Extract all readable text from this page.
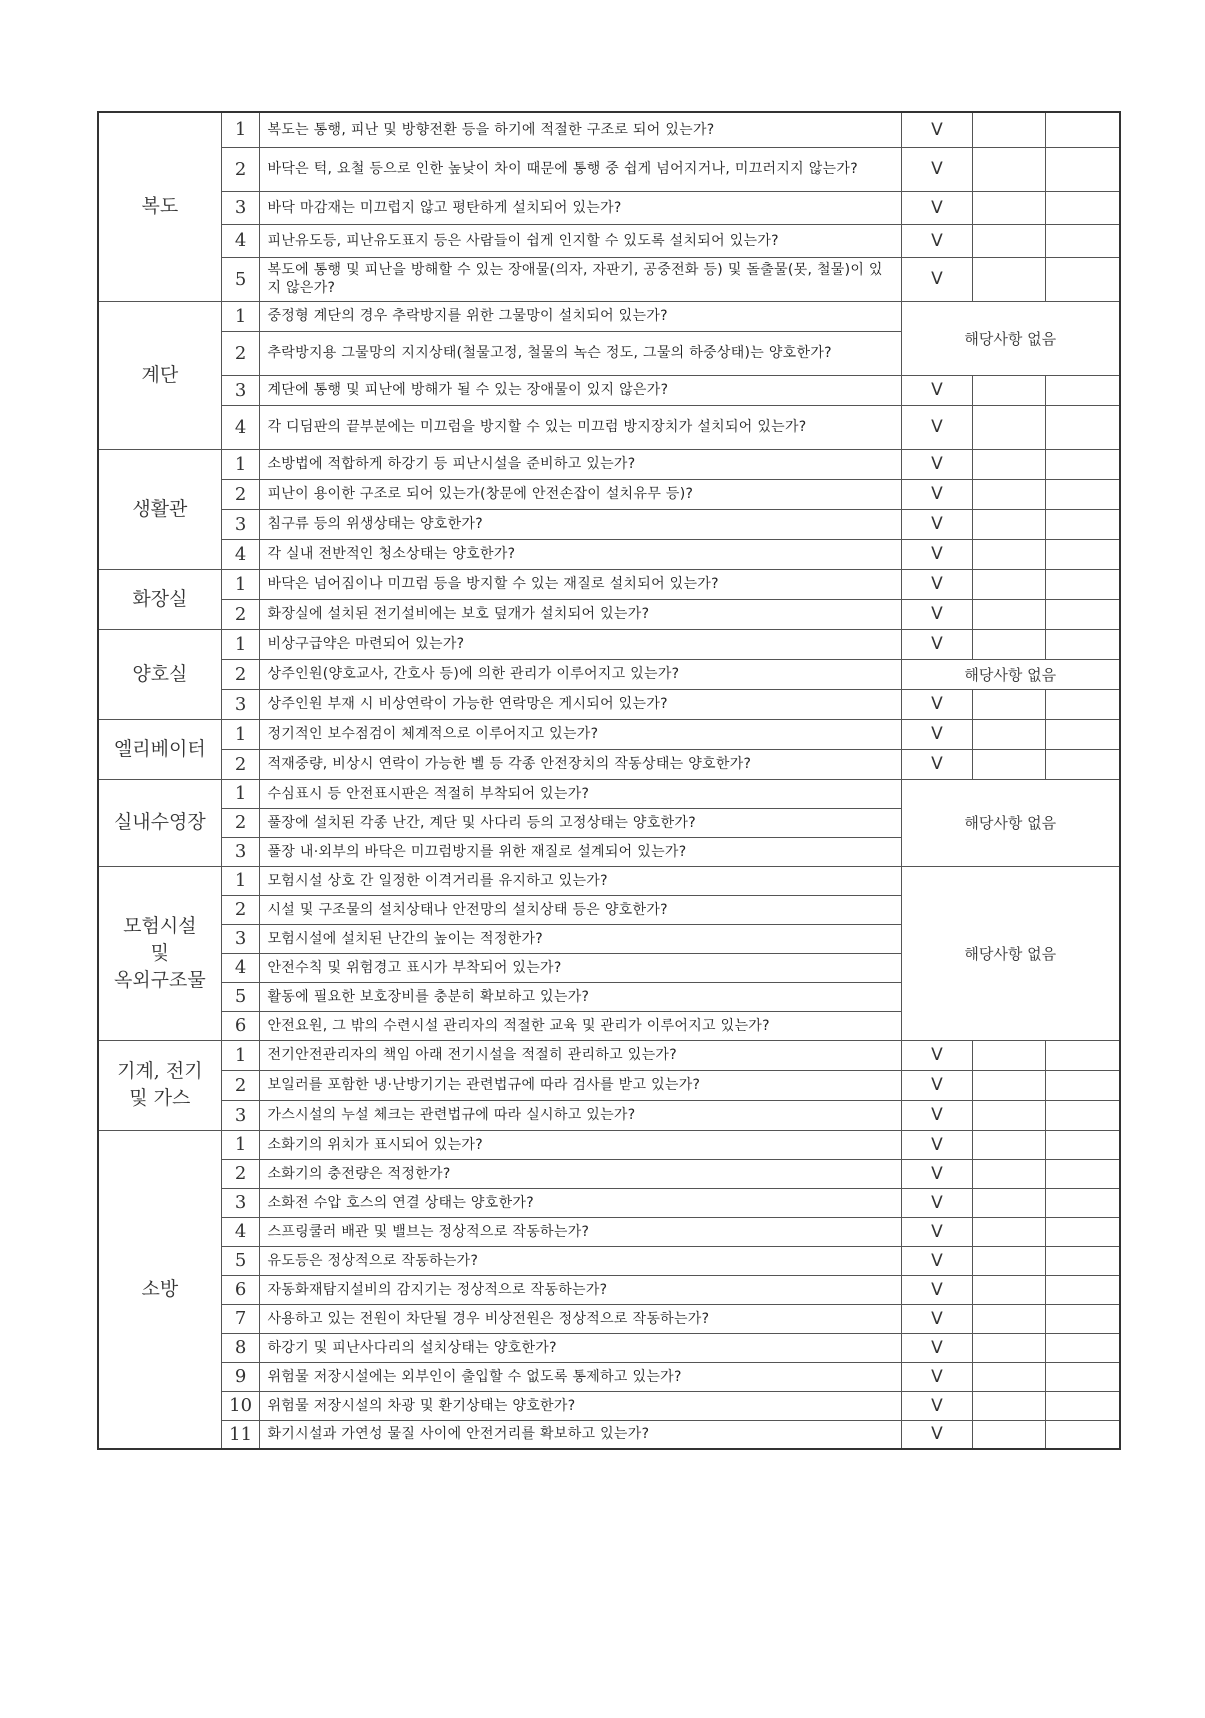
복도	1	복도는 통행, 피난 및 방향전환 등을 하기에 적절한 구조로 되어 있는가?	V		
	2	바닥은 턱, 요철 등으로 인한 높낮이 차이 때문에 통행 중 쉽게 넘어지거나, 미끄러지지 않는가?	V		
	3	바닥 마감재는 미끄럽지 않고 평탄하게 설치되어 있는가?	V		
	4	피난유도등, 피난유도표지 등은 사람들이 쉽게 인지할 수 있도록 설치되어 있는가?	V		
	5	복도에 통행 및 피난을 방해할 수 있는 장애물(의자, 자판기, 공중전화 등) 및 돌출물(못, 철물)이 있지 않은가?	V		

계단	1	중정형 계단의 경우 추락방지를 위한 그물망이 설치되어 있는가?	해당사항 없음		
	2	추락방지용 그물망의 지지상태(철물고정, 철물의 녹슨 정도, 그물의 하중상태)는 양호한가?			
	3	계단에 통행 및 피난에 방해가 될 수 있는 장애물이 있지 않은가?	V		
	4	각 디딤판의 끝부분에는 미끄럼을 방지할 수 있는 미끄럼 방지장치가 설치되어 있는가?	V		

생활관	1	소방법에 적합하게 하강기 등 피난시설을 준비하고 있는가?	V		
	2	피난이 용이한 구조로 되어 있는가(창문에 안전손잡이 설치유무 등)?	V		
	3	침구류 등의 위생상태는 양호한가?	V		
	4	각 실내 전반적인 청소상태는 양호한가?	V		

화장실	1	바닥은 넘어짐이나 미끄럼 등을 방지할 수 있는 재질로 설치되어 있는가?	V		
	2	화장실에 설치된 전기설비에는 보호 덮개가 설치되어 있는가?	V		

양호실	1	비상구급약은 마련되어 있는가?	V		
	2	상주인원(양호교사, 간호사 등)에 의한 관리가 이루어지고 있는가?	해당사항 없음		
	3	상주인원 부재 시 비상연락이 가능한 연락망은 게시되어 있는가?	V		

엘리베이터	1	정기적인 보수점검이 체계적으로 이루어지고 있는가?	V		
	2	적재중량, 비상시 연락이 가능한 벨 등 각종 안전장치의 작동상태는 양호한가?	V		

실내수영장	1	수심표시 등 안전표시판은 적절히 부착되어 있는가?	해당사항 없음		
	2	풀장에 설치된 각종 난간, 계단 및 사다리 등의 고정상태는 양호한가?			
	3	풀장 내·외부의 바닥은 미끄럼방지를 위한 재질로 설계되어 있는가?			

모험시설
및
옥외구조물	1	모험시설 상호 간 일정한 이격거리를 유지하고 있는가?	해당사항 없음		
	2	시설 및 구조물의 설치상태나 안전망의 설치상태 등은 양호한가?			
	3	모험시설에 설치된 난간의 높이는 적정한가?			
	4	안전수칙 및 위험경고 표시가 부착되어 있는가?			
	5	활동에 필요한 보호장비를 충분히 확보하고 있는가?			
	6	안전요원, 그 밖의 수련시설 관리자의 적절한 교육 및 관리가 이루어지고 있는가?			

기계, 전기
및 가스	1	전기안전관리자의 책임 아래 전기시설을 적절히 관리하고 있는가?	V		
	2	보일러를 포함한 냉·난방기기는 관련법규에 따라 검사를 받고 있는가?	V		
	3	가스시설의 누설 체크는 관련법규에 따라 실시하고 있는가?	V		

소방	1	소화기의 위치가 표시되어 있는가?	V		
	2	소화기의 충전량은 적정한가?	V		
	3	소화전 수압 호스의 연결 상태는 양호한가?	V		
	4	스프링쿨러 배관 및 밸브는 정상적으로 작동하는가?	V		
	5	유도등은 정상적으로 작동하는가?	V		
	6	자동화재탐지설비의 감지기는 정상적으로 작동하는가?	V		
	7	사용하고 있는 전원이 차단될 경우 비상전원은 정상적으로 작동하는가?	V		
	8	하강기 및 피난사다리의 설치상태는 양호한가?	V		
	9	위험물 저장시설에는 외부인이 출입할 수 없도록 통제하고 있는가?	V		
	10	위험물 저장시설의 차광 및 환기상태는 양호한가?	V		
	11	화기시설과 가연성 물질 사이에 안전거리를 확보하고 있는가?	V		
